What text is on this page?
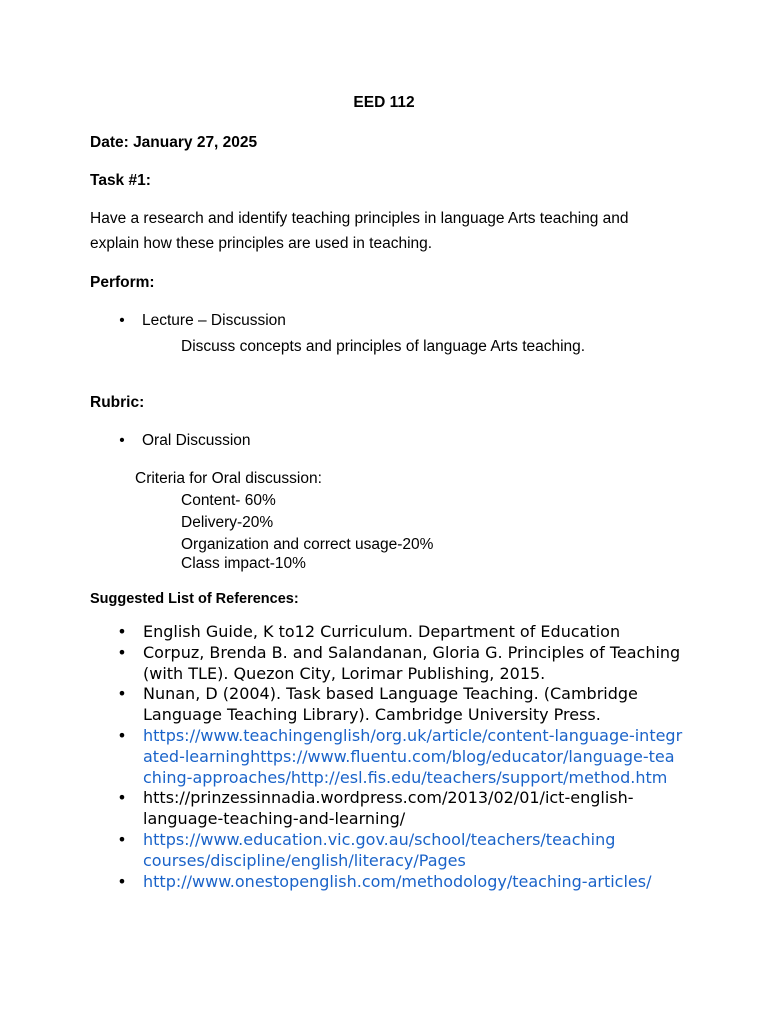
EED 112
Date: January 27, 2025
Task #1:
Have a research and identify teaching principles in language Arts teaching and
explain how these principles are used in teaching.
Perform:
• Lecture – Discussion
Discuss concepts and principles of language Arts teaching.
Rubric:
• Oral Discussion
Criteria for Oral discussion:
Content- 60%
Delivery-20%
Organization and correct usage-20%
Class impact-10%
Suggested List of References:
• English Guide, K to12 Curriculum. Department of Education
• Corpuz, Brenda B. and Salandanan, Gloria G. Principles of Teaching (with TLE). Quezon City, Lorimar Publishing, 2015.
• Nunan, D (2004). Task based Language Teaching. (Cambridge Language Teaching Library). Cambridge University Press.
• https://www.teachingenglish/org.uk/article/content-language-integrated-learninghttps://www.fluentu.com/blog/educator/language-teaching-approaches/http://esl.fis.edu/teachers/support/method.htm
• htts://prinzessinnadia.wordpress.com/2013/02/01/ict-english-language-teaching-and-learning/
• https://www.education.vic.gov.au/school/teachers/teachingcourses/discipline/english/literacy/Pages
• http://www.onestopenglish.com/methodology/teaching-articles/
